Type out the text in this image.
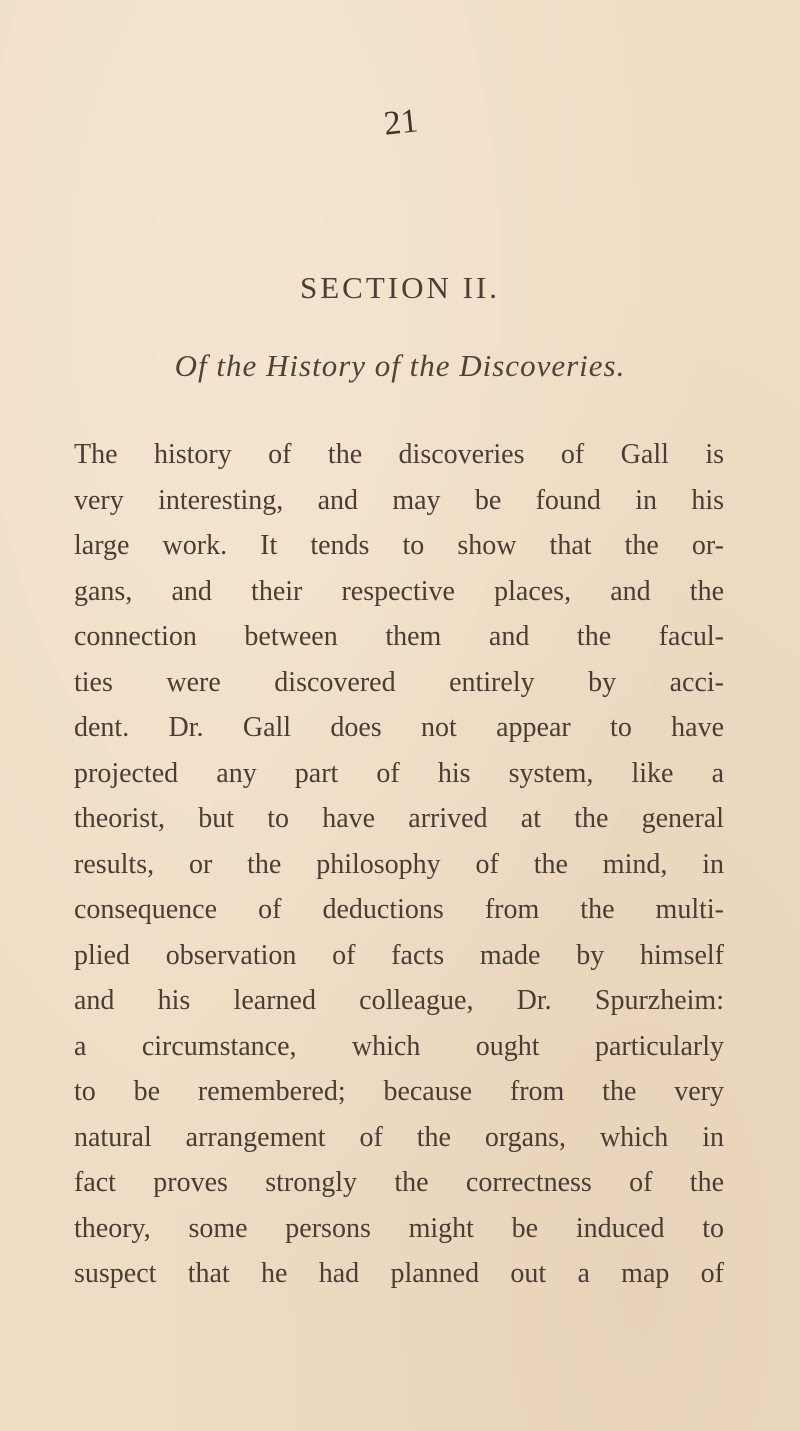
21
SECTION II.
Of the History of the Discoveries.
The history of the discoveries of Gall is
very interesting, and may be found in his
large work. It tends to show that the or-
gans, and their respective places, and the
connection between them and the facul-
ties were discovered entirely by acci-
dent. Dr. Gall does not appear to have
projected any part of his system, like a
theorist, but to have arrived at the general
results, or the philosophy of the mind, in
consequence of deductions from the multi-
plied observation of facts made by himself
and his learned colleague, Dr. Spurzheim:
a circumstance, which ought particularly
to be remembered; because from the very
natural arrangement of the organs, which in
fact proves strongly the correctness of the
theory, some persons might be induced to
suspect that he had planned out a map of
